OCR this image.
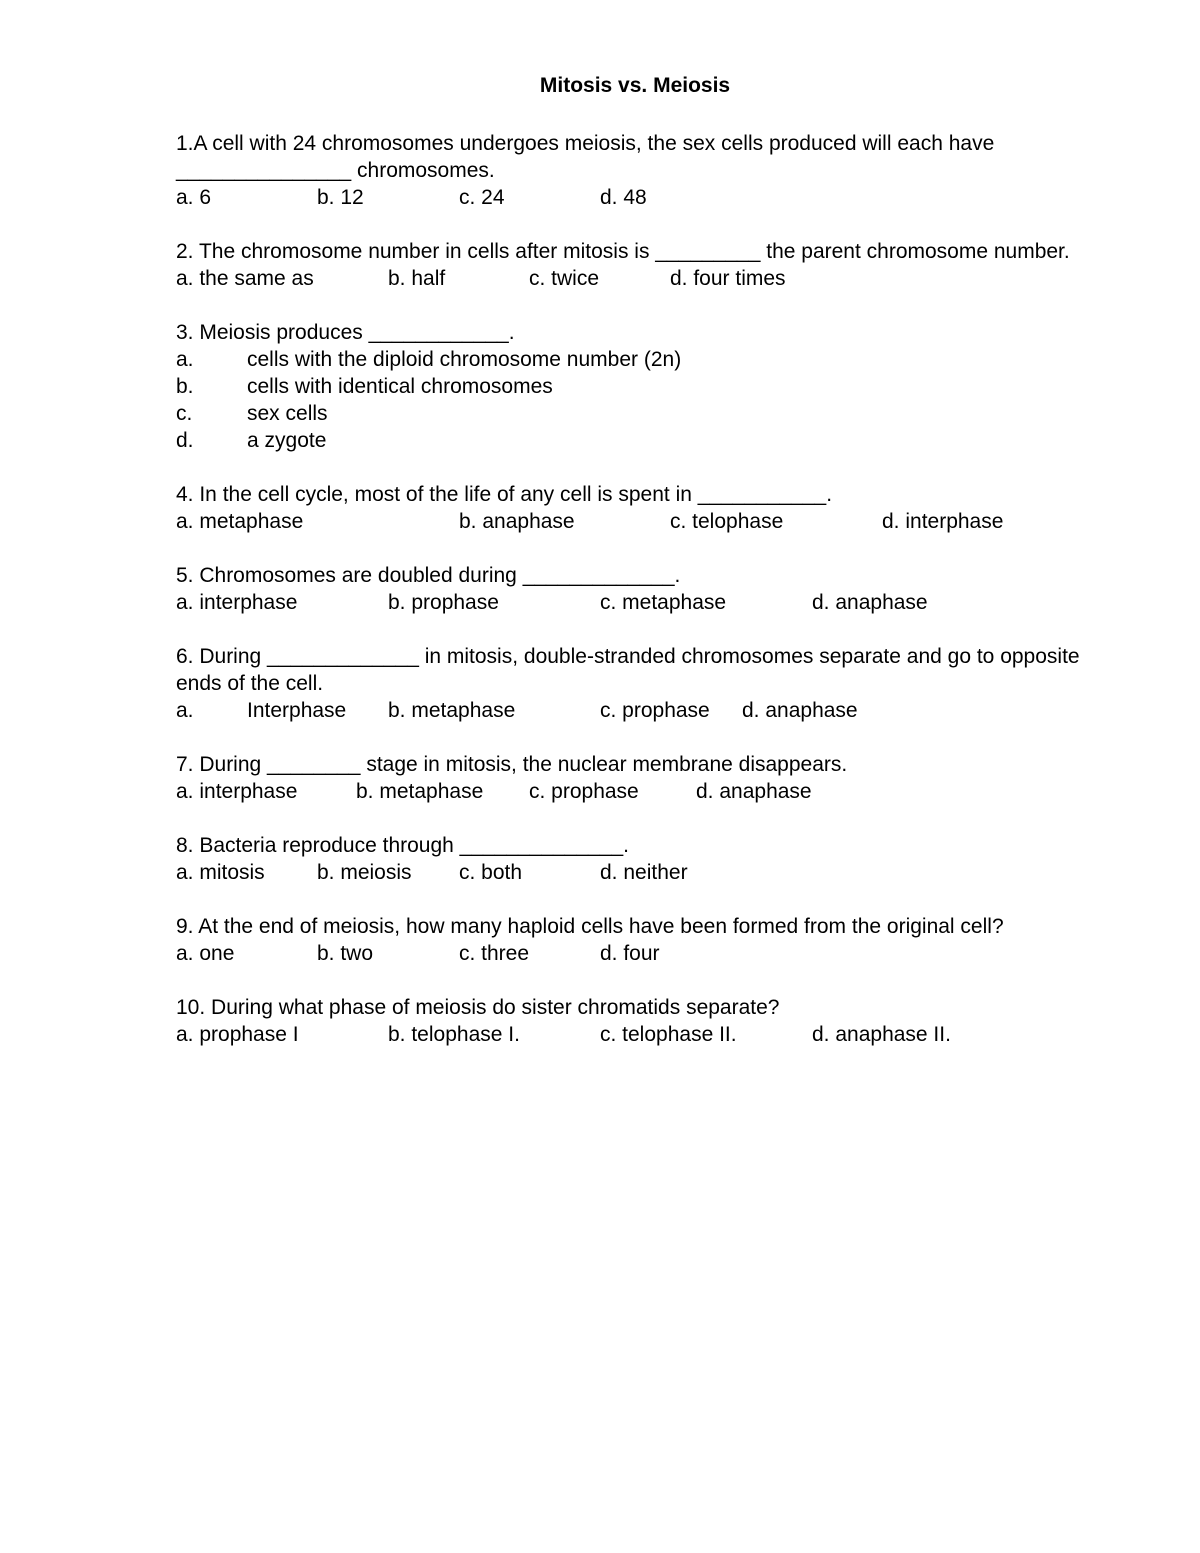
Mitosis vs. Meiosis
1.A cell with 24 chromosomes undergoes meiosis, the sex cells produced will each have _______________ chromosomes.
a. 6	b. 12	c. 24	d. 48
2. The chromosome number in cells after mitosis is _________ the parent chromosome number.
a. the same as	b. half	c. twice	d. four times
3. Meiosis produces ____________.
a.	cells with the diploid chromosome number (2n)
b.	cells with identical chromosomes
c.	sex cells
d.	a zygote
4. In the cell cycle, most of the life of any cell is spent in ___________.
a. metaphase	b. anaphase	c. telophase	d. interphase
5. Chromosomes are doubled during _____________.
a. interphase	b. prophase	c. metaphase	d. anaphase
6. During _____________ in mitosis, double-stranded chromosomes separate and go to opposite ends of the cell.
a.	Interphase b. metaphase	c. prophase d. anaphase
7. During ________ stage in mitosis, the nuclear membrane disappears.
a. interphase	b. metaphase c. prophase	d. anaphase
8. Bacteria reproduce through ______________.
a. mitosis b. meiosis c. both	d. neither
9. At the end of meiosis, how many haploid cells have been formed from the original cell?
a. one	b. two	c. three	d. four
10. During what phase of meiosis do sister chromatids separate?
a. prophase I	b. telophase I.	c. telophase II.	d. anaphase II.
